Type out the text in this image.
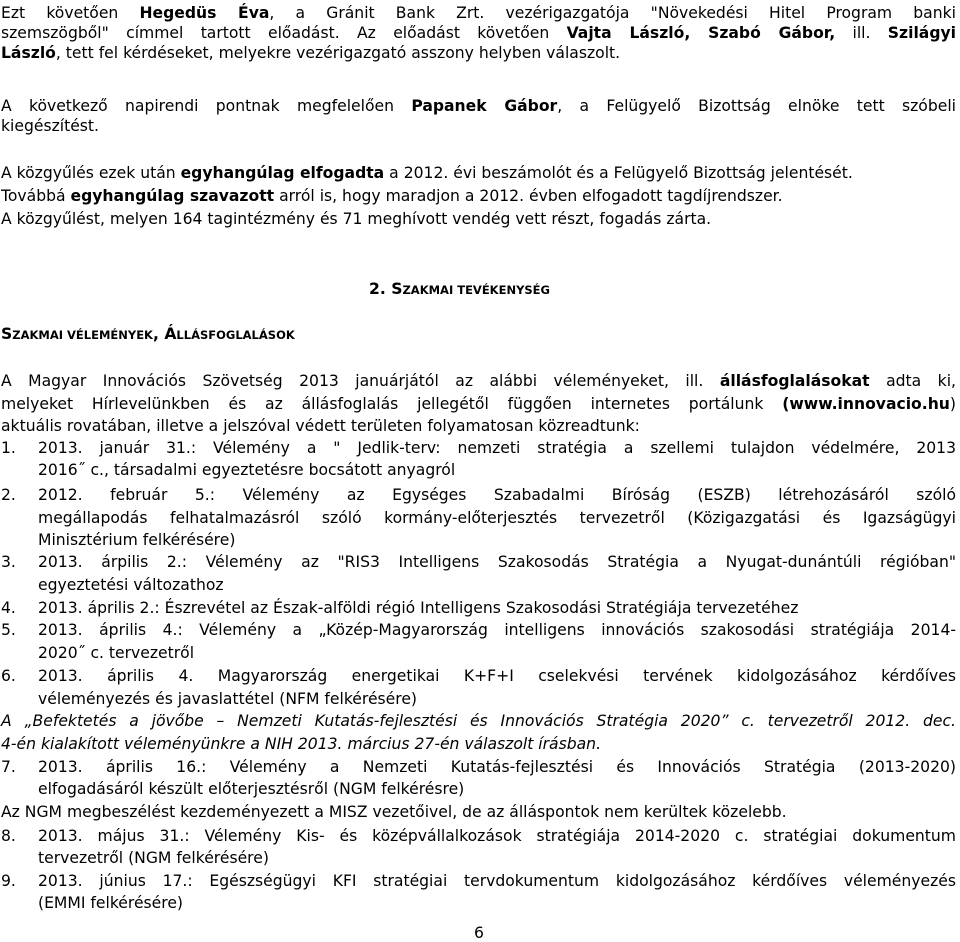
Ezt követően Hegedüs Éva, a Gránit Bank Zrt. vezérigazgatója "Növekedési Hitel Program banki
szemszögből" címmel tartott előadást. Az előadást követően Vajta László, Szabó Gábor, ill. Szilágyi
László, tett fel kérdéseket, melyekre vezérigazgató asszony helyben válaszolt.
A következő napirendi pontnak megfelelően Papanek Gábor, a Felügyelő Bizottság elnöke tett szóbeli
kiegészítést.
A közgyűlés ezek után egyhangúlag elfogadta a 2012. évi beszámolót és a Felügyelő Bizottság jelentését.
Továbbá egyhangúlag szavazott arról is, hogy maradjon a 2012. évben elfogadott tagdíjrendszer.
A közgyűlést, melyen 164 tagintézmény és 71 meghívott vendég vett részt, fogadás zárta.
2. SZAKMAI TEVÉKENYSÉG
SZAKMAI VÉLEMÉNYEK, ÁLLÁSFOGLALÁSOK
A Magyar Innovációs Szövetség 2013 januárjától az alábbi véleményeket, ill. állásfoglalásokat adta ki,
melyeket Hírlevelünkben és az állásfoglalás jellegétől függően internetes portálunk (www.innovacio.hu)
aktuális rovatában, illetve a jelszóval védett területen folyamatosan közreadtunk:
1.	2013. január 31.: Vélemény a " Jedlik-terv: nemzeti stratégia a szellemi tulajdon védelmére, 2013
2016˝ c., társadalmi egyeztetésre bocsátott anyagról
2.	2012. február 5.: Vélemény az Egységes Szabadalmi Bíróság (ESZB) létrehozásáról szóló
megállapodás felhatalmazásról szóló kormány-előterjesztés tervezetről (Közigazgatási és Igazságügyi
Minisztérium felkérésére)
3.	2013. árpilis 2.: Vélemény az "RIS3 Intelligens Szakosodás Stratégia a Nyugat-dunántúli régióban"
egyeztetési változathoz
4.	2013. április 2.: Észrevétel az Észak-alföldi régió Intelligens Szakosodási Stratégiája tervezetéhez
5.	2013. április 4.: Vélemény a „Közép-Magyarország intelligens innovációs szakosodási stratégiája 2014-
2020˝ c. tervezetről
6.	2013. április 4. Magyarország energetikai K+F+I cselekvési tervének kidolgozásához kérdőíves
véleményezés és javaslattétel (NFM felkérésére)
A „Befektetés a jövőbe – Nemzeti Kutatás-fejlesztési és Innovációs Stratégia 2020” c. tervezetről 2012. dec.
4-én kialakított véleményünkre a NIH 2013. március 27-én válaszolt írásban.
7.	2013. április 16.: Vélemény a Nemzeti Kutatás-fejlesztési és Innovációs Stratégia (2013-2020)
elfogadásáról készült előterjesztésről (NGM felkérésre)
Az NGM megbeszélést kezdeményezett a MISZ vezetőivel, de az álláspontok nem kerültek közelebb.
8.	2013. május 31.: Vélemény Kis- és középvállalkozások stratégiája 2014-2020 c. stratégiai dokumentum
tervezetről (NGM felkérésére)
9.	2013. június 17.: Egészségügyi KFI stratégiai tervdokumentum kidolgozásához kérdőíves véleményezés
(EMMI felkérésére)
6
